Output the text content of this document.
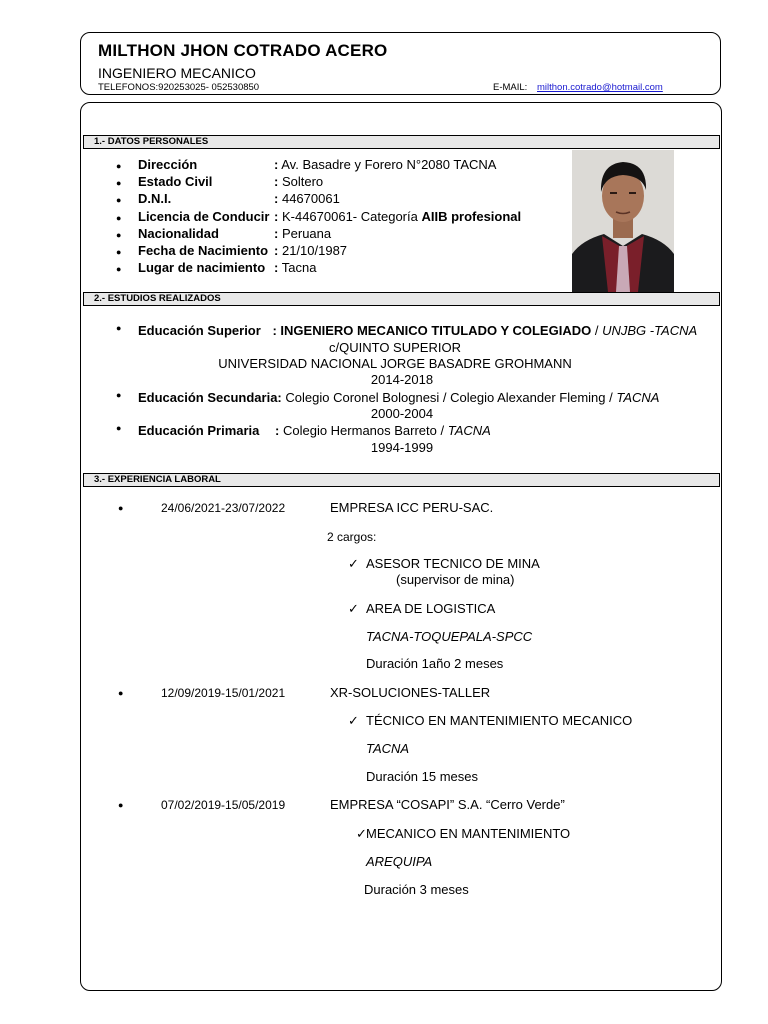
MILTHON JHON COTRADO ACERO
INGENIERO MECANICO
TELEFONOS:920253025- 052530850	E-MAIL: milthon.cotrado@hotmail.com
1.- DATOS PERSONALES
● Dirección	: Av. Basadre y Forero N°2080 TACNA
● Estado Civil	: Soltero
● D.N.I.	: 44670061
● Licencia de Conducir : K-44670061- Categoría AIIB profesional
● Nacionalidad	: Peruana
● Fecha de Nacimiento : 21/10/1987
● Lugar de nacimiento : Tacna
2.- ESTUDIOS REALIZADOS
● Educación Superior : INGENIERO MECANICO TITULADO Y COLEGIADO / UNJBG -TACNA
c/QUINTO SUPERIOR
UNIVERSIDAD NACIONAL JORGE BASADRE GROHMANN
2014-2018
● Educación Secundaria: Colegio Coronel Bolognesi / Colegio Alexander Fleming / TACNA
2000-2004
● Educación Primaria : Colegio Hermanos Barreto / TACNA
1994-1999
3.- EXPERIENCIA LABORAL
●	24/06/2021-23/07/2022	EMPRESA ICC PERU-SAC.
2 cargos:
✓ ASESOR TECNICO DE MINA
(supervisor de mina)
✓ AREA DE LOGISTICA
TACNA-TOQUEPALA-SPCC
Duración 1año 2 meses
●	12/09/2019-15/01/2021	XR-SOLUCIONES-TALLER
✓ TÉCNICO EN MANTENIMIENTO MECANICO
TACNA
Duración 15 meses
●	07/02/2019-15/05/2019	EMPRESA “COSAPI” S.A. “Cerro Verde”
✓ MECANICO EN MANTENIMIENTO
AREQUIPA
Duración 3 meses
